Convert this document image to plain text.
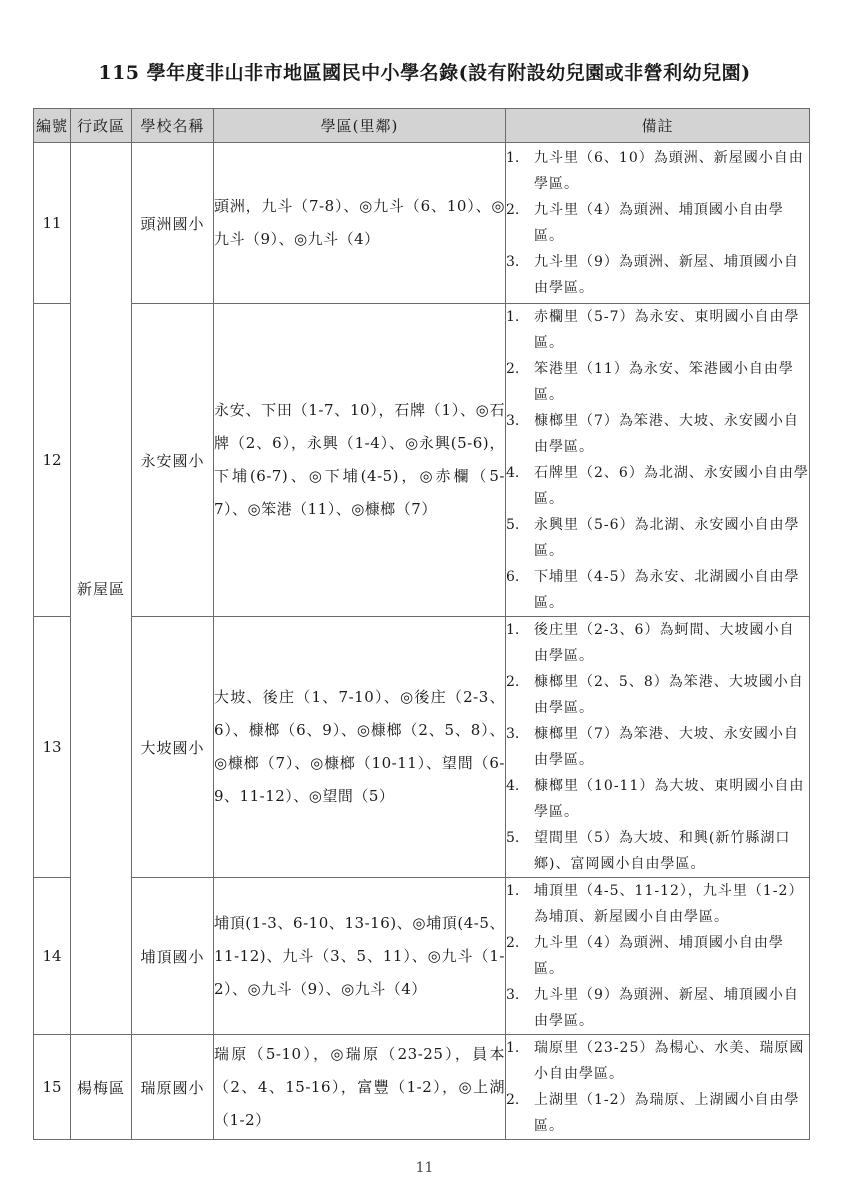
115 學年度非山非市地區國民中小學名錄(設有附設幼兒園或非營利幼兒園)
編號	行政區	學校名稱	學區(里鄰)	備註
11	新屋區	頭洲國小	頭洲，九斗（7-8）、◎九斗（6、10）、◎九斗（9）、◎九斗（4）	
1.	九斗里（6、10）為頭洲、新屋國小自由學區。
2.	九斗里（4）為頭洲、埔頂國小自由學區。
3.	九斗里（9）為頭洲、新屋、埔頂國小自由學區。

12	永安國小	永安、下田（1-7、10），石牌（1）、◎石牌（2、6），永興（1-4）、◎永興(5-6)，下埔(6-7)、◎下埔(4-5)，◎赤欄（5-7）、◎笨港（11）、◎槺榔（7）	
1.	赤欄里（5-7）為永安、東明國小自由學區。
2.	笨港里（11）為永安、笨港國小自由學區。
3.	槺榔里（7）為笨港、大坡、永安國小自由學區。
4.	石牌里（2、6）為北湖、永安國小自由學區。
5.	永興里（5-6）為北湖、永安國小自由學區。
6.	下埔里（4-5）為永安、北湖國小自由學區。

13	大坡國小	大坡、後庄（1、7-10）、◎後庄（2-3、6）、槺榔（6、9）、◎槺榔（2、5、8）、◎槺榔（7）、◎槺榔（10-11）、望間（6-9、11-12）、◎望間（5）	
1.	後庄里（2-3、6）為蚵間、大坡國小自由學區。
2.	槺榔里（2、5、8）為笨港、大坡國小自由學區。
3.	槺榔里（7）為笨港、大坡、永安國小自由學區。
4.	槺榔里（10-11）為大坡、東明國小自由學區。
5.	望間里（5）為大坡、和興(新竹縣湖口鄉)、富岡國小自由學區。

14	埔頂國小	埔頂(1-3、6-10、13-16)、◎埔頂(4-5、11-12)、九斗（3、5、11）、◎九斗（1-2）、◎九斗（9）、◎九斗（4）	
1.	埔頂里（4-5、11-12），九斗里（1-2）為埔頂、新屋國小自由學區。
2.	九斗里（4）為頭洲、埔頂國小自由學區。
3.	九斗里（9）為頭洲、新屋、埔頂國小自由學區。

15	楊梅區	瑞原國小	瑞原（5-10），◎瑞原（23-25），員本（2、4、15-16），富豐（1-2），◎上湖（1-2）	1. 瑞原里（23-25）為楊心、水美、瑞原國小自由學區。
2. 上湖里（1-2）為瑞原、上湖國小自由學區。
11
